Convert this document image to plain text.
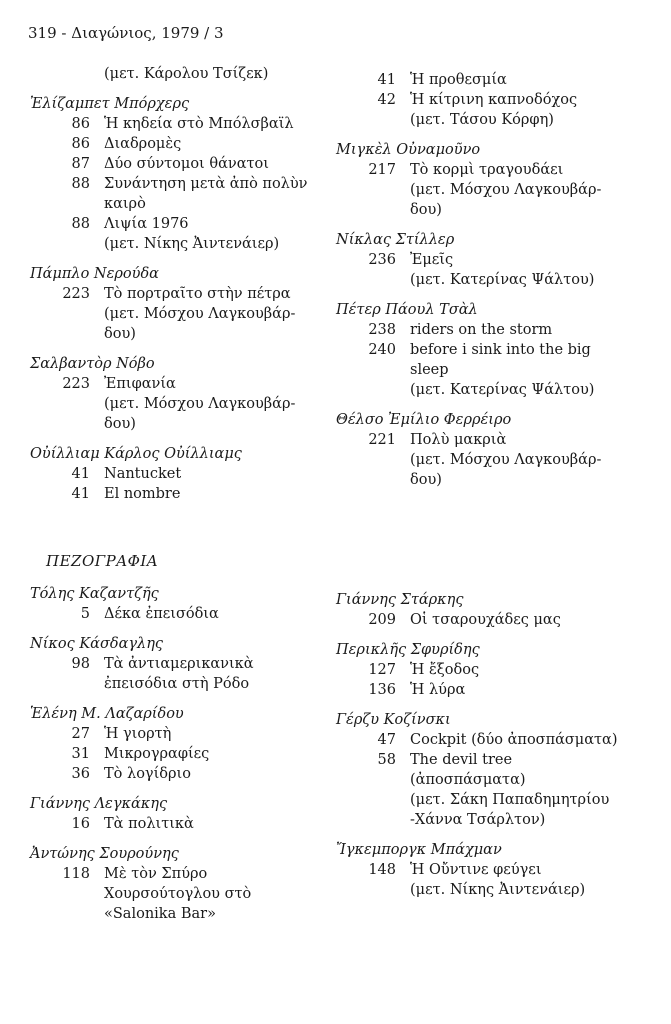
319 - Διαγώνιος, 1979 / 3
(μετ. Κάρολου Τσίζεκ)
Ἐλίζαμπετ Μπόρχερς
86 Ἡ κηδεία στὸ Μπόλσβαϊλ
86 Διαδρομὲς
87 Δύο σύντομοι θάνατοι
88 Συνάντηση μετὰ ἀπὸ πολὺν καιρὸ
88 Λιψία 1976
(μετ. Νίκης Ἀιντενάιερ)
Πάμπλο Νερούδα
223 Τὸ πορτραῖτο στὴν πέτρα
(μετ. Μόσχου Λαγκουβάρ-
δου)
Σαλβαντὸρ Νόβο
223 Ἐπιφανία
(μετ. Μόσχου Λαγκουβάρ-
δου)
Οὐίλλιαμ Κάρλος Οὐίλλιαμς
41 Nantucket
41 El nombre
41 Ἡ προθεσμία
42 Ἡ κίτρινη καπνοδόχος
(μετ. Τάσου Κόρφη)
Μιγκὲλ Οὐναμοῦνο
217 Τὸ κορμὶ τραγουδάει
(μετ. Μόσχου Λαγκουβάρ-
δου)
Νίκλας Στίλλερ
236 Ἐμεῖς
(μετ. Κατερίνας Ψάλτου)
Πέτερ Πάουλ Τσὰλ
238 riders on the storm
240 before i sink into the big sleep
(μετ. Κατερίνας Ψάλτου)
Θέλσο Ἐμίλιο Φερρέιρο
221 Πολὺ μακριὰ
(μετ. Μόσχου Λαγκουβάρ-
δου)
ΠΕΖΟΓΡΑΦΙΑ
Τόλης Καζαντζῆς
5 Δέκα ἐπεισόδια
Νίκος Κάσδαγλης
98 Τὰ ἀντιαμερικανικὰ ἐπεισόδια στὴ Ρόδο
Ἑλένη Μ. Λαζαρίδου
27 Ἡ γιορτὴ
31 Μικρογραφίες
36 Τὸ λογίδριο
Γιάννης Λεγκάκης
16 Τὰ πολιτικὰ
Ἀντώνης Σουρούνης
118 Μὲ τὸν Σπύρο Χουρσούτογλου στὸ «Salonika Bar»
Γιάννης Στάρκης
209 Οἱ τσαρουχάδες μας
Περικλῆς Σφυρίδης
127 Ἡ ἔξοδος
136 Ἡ λύρα
Γέρζυ Κοζίνσκι
47 Cockpit (δύο ἀποσπάσματα)
58 The devil tree (ἀποσπάσματα)
(μετ. Σάκη Παπαδημητρίου
-Χάννα Τσάρλτον)
Ἴγκεμποργκ Μπάχμαν
148 Ἡ Οὔντινε φεύγει
(μετ. Νίκης Ἀιντενάιερ)
